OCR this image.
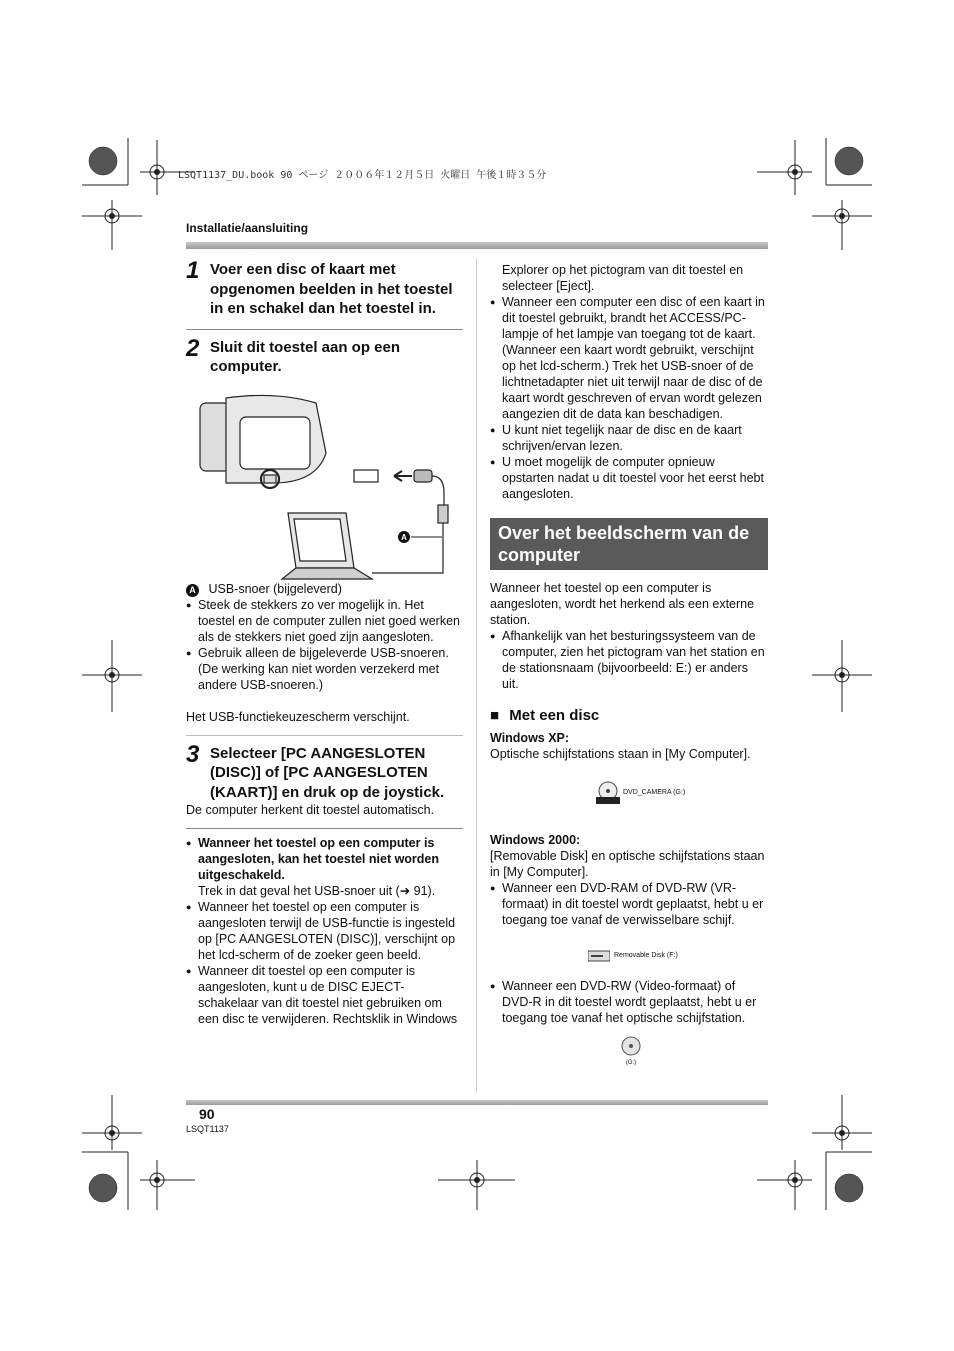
LSQT1137_DU.book 90 ページ ２００６年１２月５日 火曜日 午後１時３５分
Installatie/aansluiting
1 Voer een disc of kaart met opgenomen beelden in het toestel in en schakel dan het toestel in.
2 Sluit dit toestel aan op een computer.
A
A USB-snoer (bijgeleverd)
● Steek de stekkers zo ver mogelijk in. Het toestel en de computer zullen niet goed werken als de stekkers niet goed zijn aangesloten.
● Gebruik alleen de bijgeleverde USB-snoeren. (De werking kan niet worden verzekerd met andere USB-snoeren.)
Het USB-functiekeuzescherm verschijnt.
3 Selecteer [PC AANGESLOTEN (DISC)] of [PC AANGESLOTEN (KAART)] en druk op de joystick.
De computer herkent dit toestel automatisch.
● Wanneer het toestel op een computer is aangesloten, kan het toestel niet worden uitgeschakeld.
Trek in dat geval het USB-snoer uit (➜ 91).
● Wanneer het toestel op een computer is aangesloten terwijl de USB-functie is ingesteld op [PC AANGESLOTEN (DISC)], verschijnt op het lcd-scherm of de zoeker geen beeld.
● Wanneer dit toestel op een computer is aangesloten, kunt u de DISC EJECT-schakelaar van dit toestel niet gebruiken om een disc te verwijderen. Rechtsklik in Windows
Explorer op het pictogram van dit toestel en selecteer [Eject].
● Wanneer een computer een disc of een kaart in dit toestel gebruikt, brandt het ACCESS/PC-lampje of het lampje van toegang tot de kaart. (Wanneer een kaart wordt gebruikt, verschijnt op het lcd-scherm.) Trek het USB-snoer of de lichtnetadapter niet uit terwijl naar de disc of de kaart wordt geschreven of ervan wordt gelezen aangezien dit de data kan beschadigen.
● U kunt niet tegelijk naar de disc en de kaart schrijven/ervan lezen.
● U moet mogelijk de computer opnieuw opstarten nadat u dit toestel voor het eerst hebt aangesloten.
Over het beeldscherm van de computer
Wanneer het toestel op een computer is aangesloten, wordt het herkend als een externe station.
● Afhankelijk van het besturingssysteem van de computer, zien het pictogram van het station en de stationsnaam (bijvoorbeeld: E:) er anders uit.
■ Met een disc
Windows XP:
Optische schijfstations staan in [My Computer].
DVD_CAMERA (G:)
Windows 2000:
[Removable Disk] en optische schijfstations staan in [My Computer].
● Wanneer een DVD-RAM of DVD-RW (VR-formaat) in dit toestel wordt geplaatst, hebt u er toegang toe vanaf de verwisselbare schijf.
Removable Disk (F:)
● Wanneer een DVD-RW (Video-formaat) of DVD-R in dit toestel wordt geplaatst, hebt u er toegang toe vanaf het optische schijfstation.
(G:)
90
LSQT1137
